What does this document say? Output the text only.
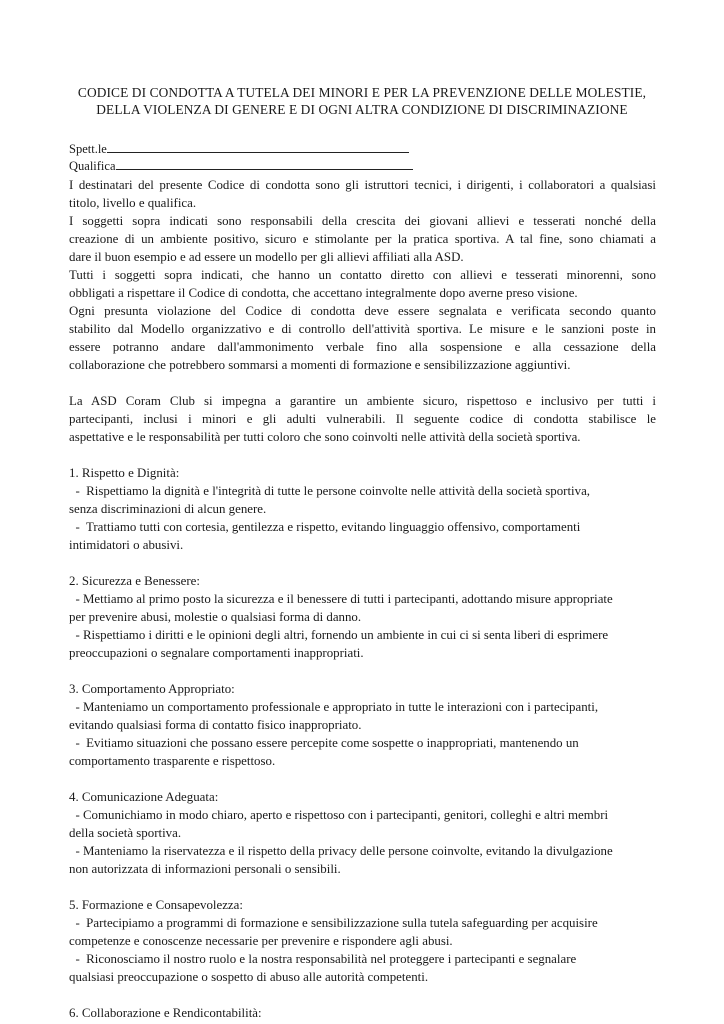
CODICE DI CONDOTTA A TUTELA DEI MINORI E PER LA PREVENZIONE DELLE MOLESTIE,
DELLA VIOLENZA DI GENERE E DI OGNI ALTRA CONDIZIONE DI DISCRIMINAZIONE
Spett.le
Qualifica
I destinatari del presente Codice di condotta sono gli istruttori tecnici, i dirigenti, i collaboratori a qualsiasi
titolo, livello e qualifica.
I soggetti sopra indicati sono responsabili della crescita dei giovani allievi e tesserati nonché della
creazione di un ambiente positivo, sicuro e stimolante per la pratica sportiva. A tal fine, sono chiamati a
dare il buon esempio e ad essere un modello per gli allievi affiliati alla ASD.
Tutti i soggetti sopra indicati, che hanno un contatto diretto con allievi e tesserati minorenni, sono
obbligati a rispettare il Codice di condotta, che accettano integralmente dopo averne preso visione.
Ogni presunta violazione del Codice di condotta deve essere segnalata e verificata secondo quanto
stabilito dal Modello organizzativo e di controllo dell'attività sportiva. Le misure e le sanzioni poste in
essere potranno andare dall'ammonimento verbale fino alla sospensione e alla cessazione della
collaborazione che potrebbero sommarsi a momenti di formazione e sensibilizzazione aggiuntivi.
La ASD Coram Club si impegna a garantire un ambiente sicuro, rispettoso e inclusivo per tutti i
partecipanti, inclusi i minori e gli adulti vulnerabili. Il seguente codice di condotta stabilisce le
aspettative e le responsabilità per tutti coloro che sono coinvolti nelle attività della società sportiva.
1. Rispetto e Dignità:
-  Rispettiamo la dignità e l'integrità di tutte le persone coinvolte nelle attività della società sportiva,
senza discriminazioni di alcun genere.
-  Trattiamo tutti con cortesia, gentilezza e rispetto, evitando linguaggio offensivo, comportamenti
intimidatori o abusivi.
2. Sicurezza e Benessere:
- Mettiamo al primo posto la sicurezza e il benessere di tutti i partecipanti, adottando misure appropriate
per prevenire abusi, molestie o qualsiasi forma di danno.
- Rispettiamo i diritti e le opinioni degli altri, fornendo un ambiente in cui ci si senta liberi di esprimere
preoccupazioni o segnalare comportamenti inappropriati.
3. Comportamento Appropriato:
- Manteniamo un comportamento professionale e appropriato in tutte le interazioni con i partecipanti,
evitando qualsiasi forma di contatto fisico inappropriato.
-  Evitiamo situazioni che possano essere percepite come sospette o inappropriati, mantenendo un
comportamento trasparente e rispettoso.
4. Comunicazione Adeguata:
- Comunichiamo in modo chiaro, aperto e rispettoso con i partecipanti, genitori, colleghi e altri membri
della società sportiva.
- Manteniamo la riservatezza e il rispetto della privacy delle persone coinvolte, evitando la divulgazione
non autorizzata di informazioni personali o sensibili.
5. Formazione e Consapevolezza:
-  Partecipiamo a programmi di formazione e sensibilizzazione sulla tutela safeguarding per acquisire
competenze e conoscenze necessarie per prevenire e rispondere agli abusi.
-  Riconosciamo il nostro ruolo e la nostra responsabilità nel proteggere i partecipanti e segnalare
qualsiasi preoccupazione o sospetto di abuso alle autorità competenti.
6. Collaborazione e Rendicontabilità:
